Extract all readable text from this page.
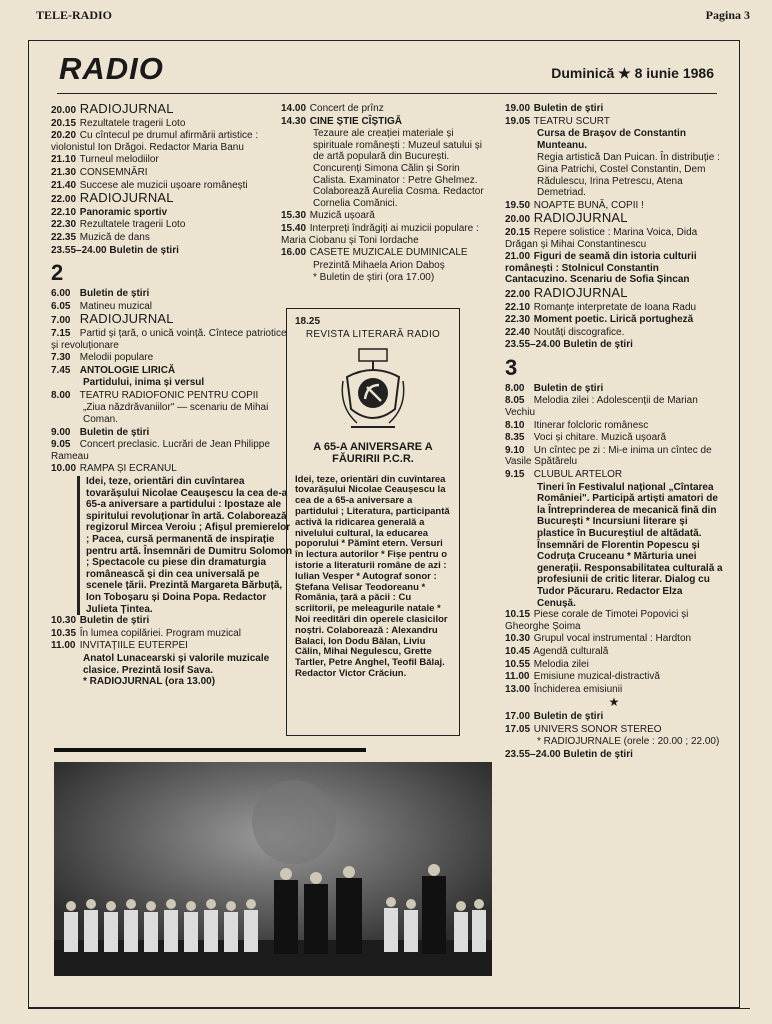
TELE-RADIO	Pagina 3
RADIO	Duminică ★ 8 iunie 1986
20.00 RADIOJURNAL
20.15 Rezultatele tragerii Loto
20.20 Cu cîntecul pe drumul afirmării artistice : violonistul Ion Drăgoi. Redactor Maria Banu
21.10 Turneul melodiilor
21.30 CONSEMNĂRI
21.40 Succese ale muzicii ușoare românești
22.00 RADIOJURNAL
22.10 Panoramic sportiv
22.30 Rezultatele tragerii Loto
22.35 Muzică de dans
23.55–24.00 Buletin de știri
2
6.00 Buletin de știri
6.05 Matineu muzical
7.00 RADIOJURNAL
7.15 Partid și țară, o unică voință. Cîntece patriotice și revoluționare
7.30 Melodii populare
7.45 ANTOLOGIE LIRICĂ
Partidului, inima și versul
8.00 TEATRU RADIOFONIC PENTRU COPII
„Ziua năzdrăvaniilor" — scenariu de Mihai Coman.
9.00 Buletin de știri
9.05 Concert preclasic. Lucrări de Jean Philippe Rameau
10.00 RAMPA ȘI ECRANUL
Idei, teze, orientări din cuvîntarea tovarășului Nicolae Ceaușescu la cea de-a 65-a aniversare a partidului : Ipostaze ale spiritului revoluționar în artă. Colaborează regizorul Mircea Veroiu ; Afișul premierelor ; Pacea, cursă permanentă de inspirație pentru artă. Însemnări de Dumitru Solomon ; Spectacole cu piese din dramaturgia românească și din cea universală pe scenele țării. Prezintă Margareta Bărbuță, Ion Toboșaru și Doina Popa. Redactor Julieta Țintea.
10.30 Buletin de știri
10.35 În lumea copilăriei. Program muzical
11.00 INVITAȚIILE EUTERPEI
Anatol Lunacearski și valorile muzicale clasice. Prezintă Iosif Sava.
* RADIOJURNAL (ora 13.00)
14.00 Concert de prînz
14.30 CINE ȘTIE CÎȘTIGĂ
Tezaure ale creației materiale și spirituale românești : Muzeul satului și de artă populară din București. Concurenți Simona Călin și Sorin Calista. Examinator : Petre Ghelmez. Colaborează Aurelia Cosma. Redactor Cornelia Comănici.
15.30 Muzică ușoară
15.40 Interpreți îndrăgiți ai muzicii populare : Maria Ciobanu și Toni Iordache
16.00 CASETE MUZICALE DUMINICALE
Prezintă Mihaela Arion Daboș
* Buletin de știri (ora 17.00)
19.00 Buletin de știri
19.05 TEATRU SCURT
Cursa de Brașov de Constantin Munteanu.
Regia artistică Dan Puican. În distribuție : Gina Patrichi, Costel Constantin, Dem Rădulescu, Irina Petrescu, Atena Demetriad.
19.50 NOAPTE BUNĂ, COPII !
20.00 RADIOJURNAL
20.15 Repere solistice : Marina Voica, Dida Drăgan și Mihai Constantinescu
21.00 Figuri de seamă din istoria culturii românești : Stolnicul Constantin Cantacuzino. Scenariu de Sofia Șincan
22.00 RADIOJURNAL
22.10 Romanțe interpretate de Ioana Radu
22.30 Moment poetic. Lirică portugheză
22.40 Noutăți discografice.
23.55–24.00 Buletin de știri
3
8.00 Buletin de știri
8.05 Melodia zilei : Adolescenții de Marian Vechiu
8.10 Itinerar folcloric românesc
8.35 Voci și chitare. Muzică ușoară
9.10 Un cîntec pe zi : Mi-e inima un cîntec de Vasile Spătărelu
9.15 CLUBUL ARTELOR
Tineri în Festivalul național „Cîntarea României". Participă artiști amatori de la Întreprinderea de mecanică fină din București * Incursiuni literare și plastice în Bucureștiul de altădată. Însemnări de Florentin Popescu și Codruța Cruceanu * Mărturia unei generații. Responsabilitatea culturală a profesiunii de critic literar. Dialog cu Tudor Păcuraru. Redactor Elza Cenușă.
10.15 Piese corale de Timotei Popovici și Gheorghe Șoima
10.30 Grupul vocal instrumental : Hardton
10.45 Agendă culturală
10.55 Melodia zilei
11.00 Emisiune muzical-distractivă
13.00 Închiderea emisiunii
★
17.00 Buletin de știri
17.05 UNIVERS SONOR STEREO
* RADIOJURNALE (orele : 20.00 ; 22.00)
23.55–24.00 Buletin de știri
18.25
REVISTA LITERARĂ RADIO
A 65-A ANIVERSARE A FĂURIRII P.C.R.
Idei, teze, orientări din cuvîntarea tovarășului Nicolae Ceaușescu la cea de a 65-a aniversare a partidului ; Literatura, participantă activă la ridicarea generală a nivelului cultural, la educarea poporului * Pămînt etern. Versuri în lectura autorilor * Fișe pentru o istorie a literaturii române de azi : Iulian Vesper * Autograf sonor : Ștefana Velisar Teodoreanu * România, țară a păcii : Cu scriitorii, pe meleagurile natale * Noi reeditări din operele clasicilor noștri. Colaborează : Alexandru Balaci, Ion Dodu Bălan, Liviu Călin, Mihai Negulescu, Grette Tartler, Petre Anghel, Teofil Bălaj. Redactor Victor Crăciun.
